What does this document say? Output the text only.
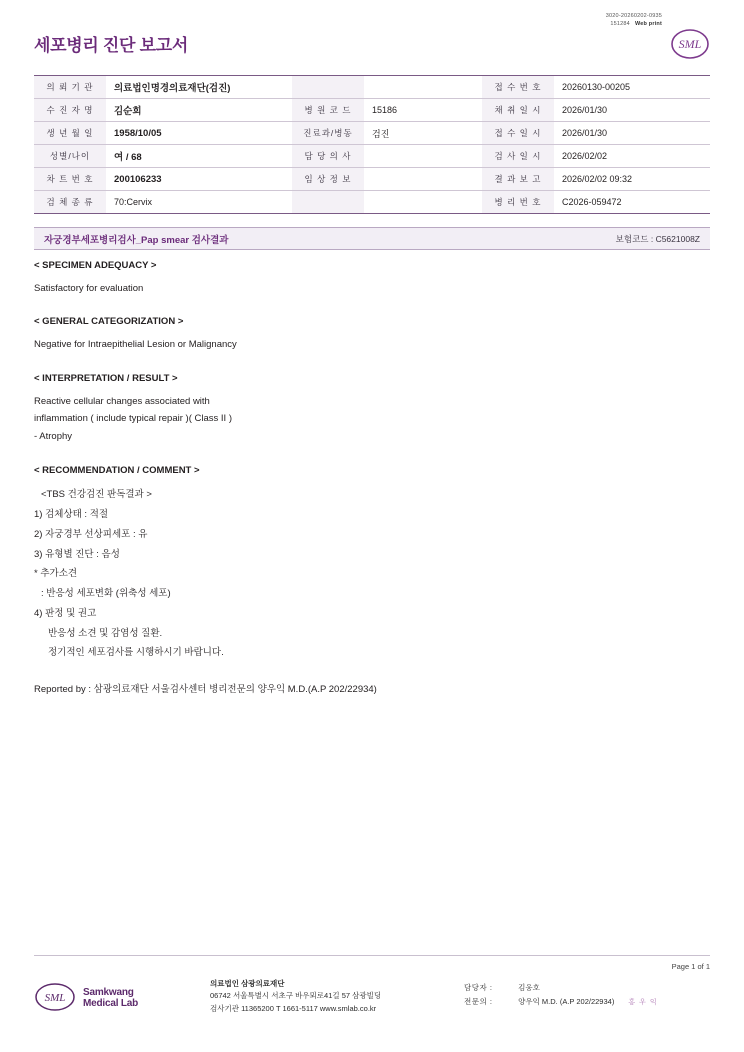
3020-20260202-0935
151284 Web print
세포병리 진단 보고서	SML
의 뢰 기 관	의료법인명경의료재단(검진)			접 수 번 호	20260130-00205
수 진 자 명	김순희	병 원 코 드	15186	채 취 일 시	2026/01/30
생 년 월 일	1958/10/05	진료과/병동	검진	접 수 일 시	2026/01/30
성별/나이	여 / 68	담 당 의 사		검 사 일 시	2026/02/02
차 트 번 호	200106233	임 상 정 보		결 과 보 고	2026/02/02 09:32
검 체 종 류	70:Cervix			병 리 번 호	C2026-059472
자궁경부세포병리검사_Pap smear 검사결과	보험코드 : C5621008Z
< SPECIMEN ADEQUACY >
Satisfactory for evaluation
< GENERAL CATEGORIZATION >
Negative for Intraepithelial Lesion or Malignancy
< INTERPRETATION / RESULT >
Reactive cellular changes associated with
inflammation ( include typical repair )( Class II )
- Atrophy
< RECOMMENDATION / COMMENT >
<TBS 건강검진 판독결과 >
1) 검체상태 : 적절
2) 자궁경부 선상피세포 : 유
3) 유형별 진단 : 음성
* 추가소견
: 반응성 세포변화 (위축성 세포)
4) 판정 및 권고
반응성 소견 및 감염성 질환.
정기적인 세포검사를 시행하시기 바랍니다.
Reported by : 삼광의료재단 서울검사센터 병리전문의 양우익 M.D.(A.P 202/22934)
Page 1 of 1
SML Samkwang
Medical Lab
의료법인 삼광의료재단
06742 서울특별시 서초구 바우뫼로41길 57 삼광빌딩
검사기관 11365200 T 1661-5117 www.smlab.co.kr
담당자 :	김웅호
전문의 :	양우익 M.D. (A.P 202/22934) 홍 우 익
